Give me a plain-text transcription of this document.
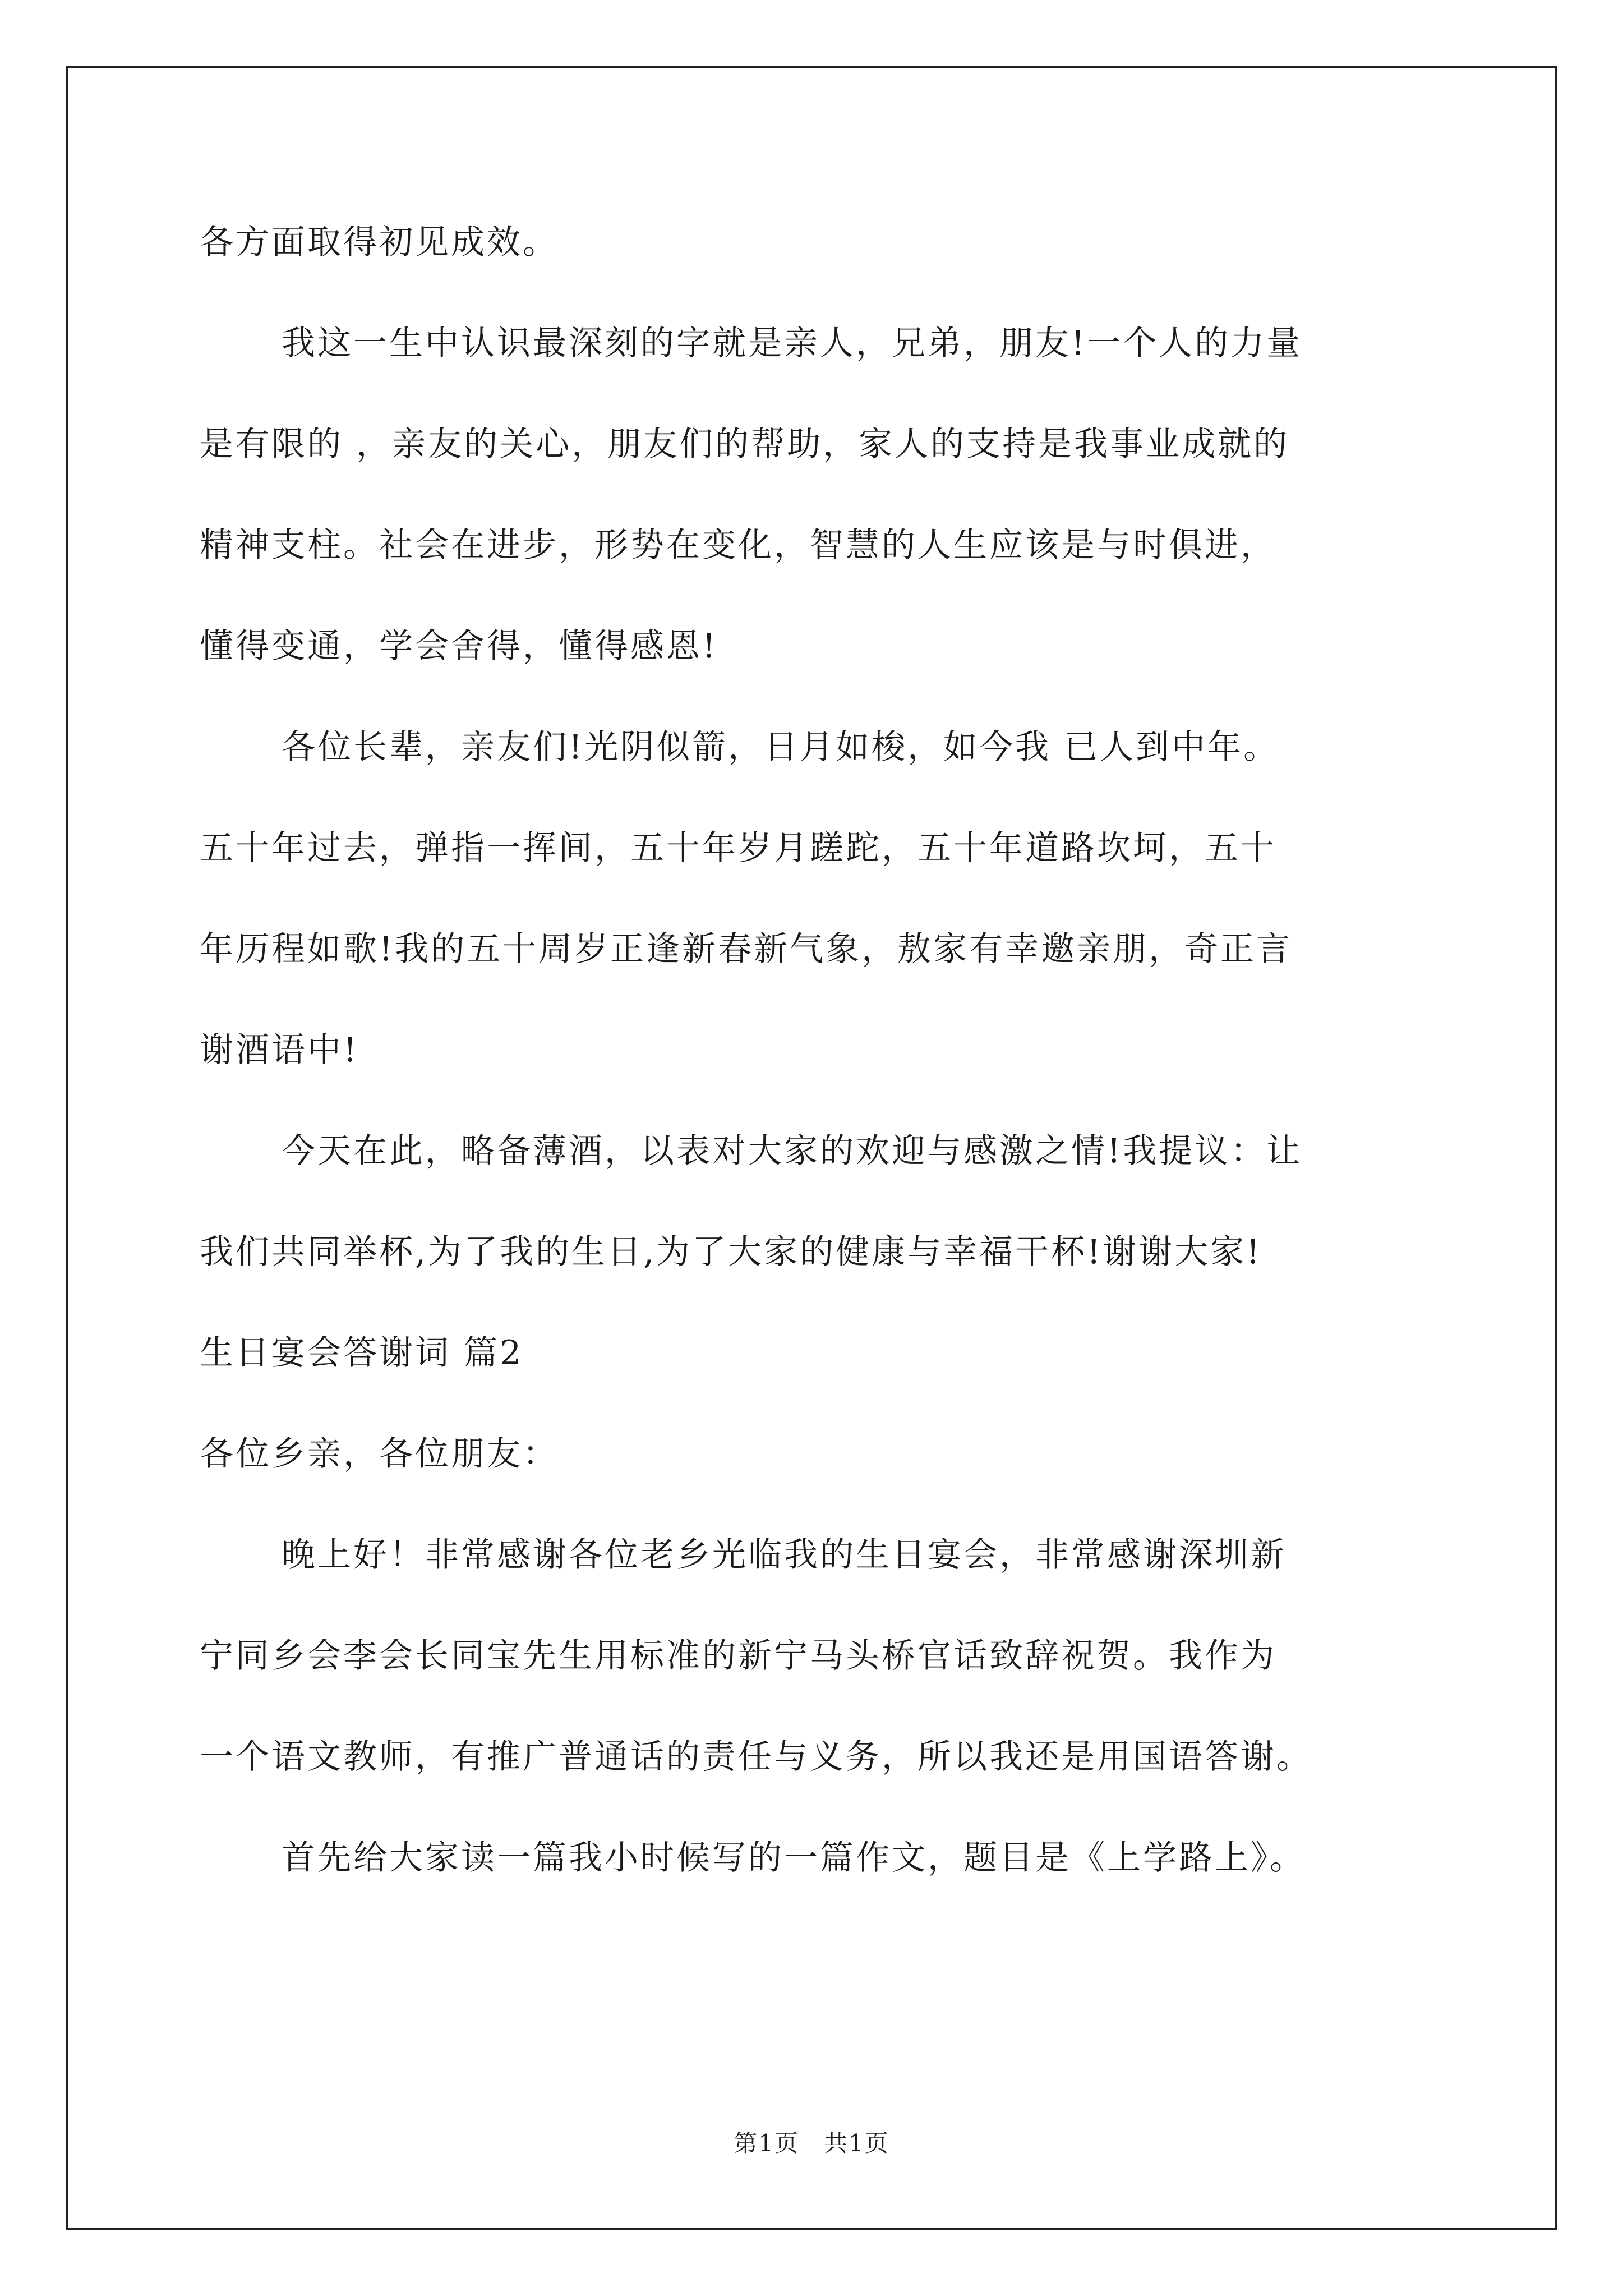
各方面取得初见成效。
我这一生中认识最深刻的字就是亲人，兄弟，朋友!一个人的力量
是有限的 ，亲友的关心，朋友们的帮助，家人的支持是我事业成就的
精神支柱。社会在进步，形势在变化，智慧的人生应该是与时俱进，
懂得变通，学会舍得，懂得感恩!
各位长辈，亲友们!光阴似箭，日月如梭，如今我 已人到中年。
五十年过去，弹指一挥间，五十年岁月蹉跎，五十年道路坎坷，五十
年历程如歌!我的五十周岁正逢新春新气象，敖家有幸邀亲朋，奇正言
谢酒语中!
今天在此，略备薄酒，以表对大家的欢迎与感激之情!我提议：让
我们共同举杯,为了我的生日,为了大家的健康与幸福干杯!谢谢大家!
生日宴会答谢词 篇2
各位乡亲，各位朋友：
晚上好！非常感谢各位老乡光临我的生日宴会，非常感谢深圳新
宁同乡会李会长同宝先生用标准的新宁马头桥官话致辞祝贺。我作为
一个语文教师，有推广普通话的责任与义务，所以我还是用国语答谢。
首先给大家读一篇我小时候写的一篇作文，题目是《上学路上》。
第1页　共1页
